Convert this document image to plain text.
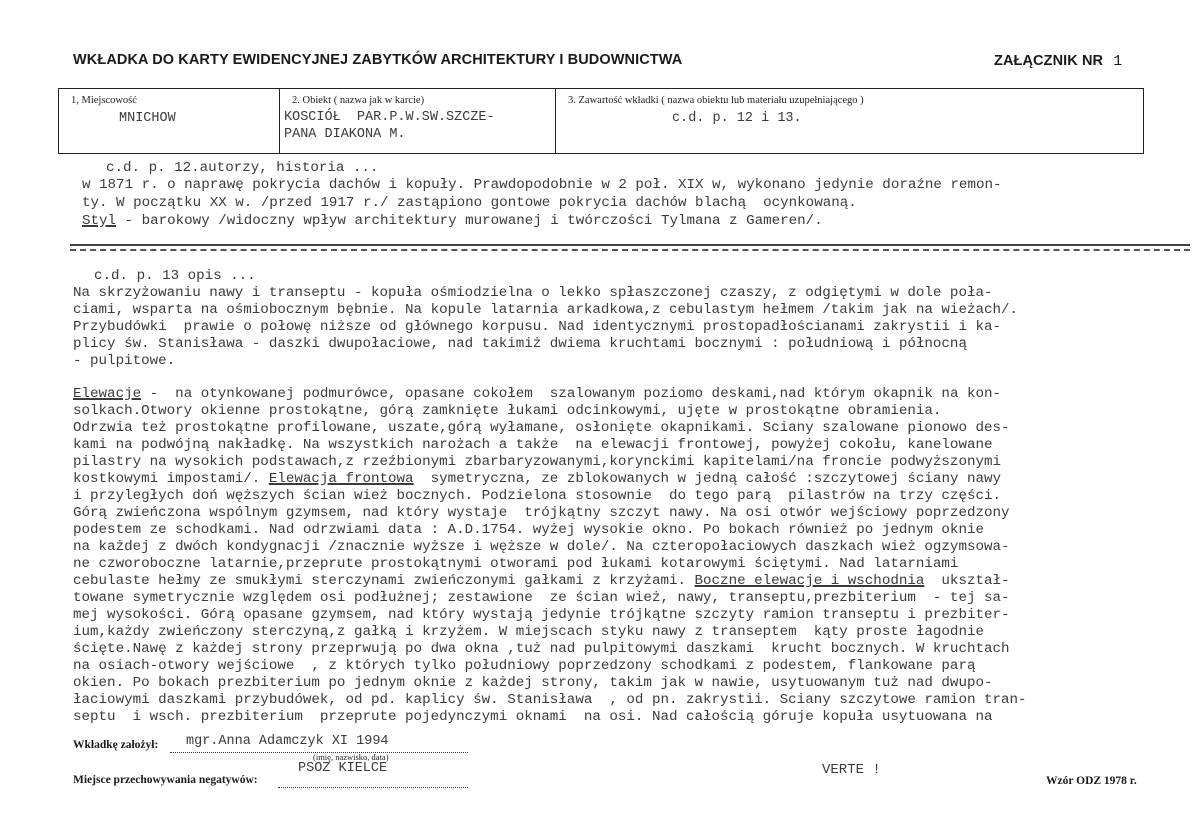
WKŁADKA DO KARTY EWIDENCYJNEJ ZABYTKÓW ARCHITEKTURY I BUDOWNICTWA	ZAŁĄCZNIK NR 1
1, Miejscowość
MNICHOW
2. Obiekt ( nazwa jak w karcie)
KOSCIÓŁ  PAR.P.W.SW.SZCZE-
PANA DIAKONA M.
3. Zawartość wkładki ( nazwa obiektu lub materiału uzupełniającego )
c.d. p. 12 i 13.
c.d. p. 12.autorzy, historia ...
w 1871 r. o naprawę pokrycia dachów i kopuły. Prawdopodobnie w 2 poł. XIX w, wykonano jedynie doraźne remon-
ty. W początku XX w. /przed 1917 r./ zastąpiono gontowe pokrycia dachów blachą  ocynkowaną.
Styl - barokowy /widoczny wpływ architektury murowanej i twórczości Tylmana z Gameren/.
c.d. p. 13 opis ...
Na skrzyżowaniu nawy i transeptu - kopuła ośmiodzielna o lekko spłaszczonej czaszy, z odgiętymi w dole poła-
ciami, wsparta na ośmiobocznym bębnie. Na kopule latarnia arkadkowa,z cebulastym hełmem /takim jak na wieżach/.
Przybudówki  prawie o połowę niższe od głównego korpusu. Nad identycznymi prostopadłościanami zakrystii i ka-
plicy św. Stanisława - daszki dwupołaciowe, nad takimiż dwiema kruchtami bocznymi : południową i północną
- pulpitowe.
Elewacje -  na otynkowanej podmurówce, opasane cokołem  szalowanym poziomo deskami,nad którym okapnik na kon-
solkach.Otwory okienne prostokątne, górą zamknięte łukami odcinkowymi, ujęte w prostokątne obramienia.
Odrzwia też prostokątne profilowane, uszate,górą wyłamane, osłonięte okapnikami. Sciany szalowane pionowo des-
kami na podwójną nakładkę. Na wszystkich narożach a także  na elewacji frontowej, powyżej cokołu, kanelowane
pilastry na wysokich podstawach,z rzeźbionymi zbarbaryzowanymi,korynckimi kapitelami/na froncie podwyższonymi
kostkowymi impostami/. Elewacja frontowa  symetryczna, ze zblokowanych w jedną całość :szczytowej ściany nawy
i przyległych doń węższych ścian wież bocznych. Podzielona stosownie  do tego parą  pilastrów na trzy części.
Górą zwieńczona wspólnym gzymsem, nad który wystaje  trójkątny szczyt nawy. Na osi otwór wejściowy poprzedzony
podestem ze schodkami. Nad odrzwiami data : A.D.1754. wyżej wysokie okno. Po bokach również po jednym oknie
na każdej z dwóch kondygnacji /znacznie wyższe i węższe w dole/. Na czteropołaciowych daszkach wież ogzymsowa-
ne czworoboczne latarnie,przeprute prostokątnymi otworami pod łukami kotarowymi ściętymi. Nad latarniami
cebulaste hełmy ze smukłymi sterczynami zwieńczonymi gałkami z krzyżami. Boczne elewacje i wschodnia  ukształ-
towane symetrycznie względem osi podłużnej; zestawione  ze ścian wież, nawy, transeptu,prezbiterium  - tej sa-
mej wysokości. Górą opasane gzymsem, nad który wystają jedynie trójkątne szczyty ramion transeptu i prezbiter-
ium,każdy zwieńczony sterczyną,z gałką i krzyżem. W miejscach styku nawy z transeptem  kąty proste łagodnie
ścięte.Nawę z każdej strony przeprwują po dwa okna ,tuż nad pulpitowymi daszkami  krucht bocznych. W kruchtach
na osiach-otwory wejściowe  , z których tylko południowy poprzedzony schodkami z podestem, flankowane parą
okien. Po bokach prezbiterium po jednym oknie z każdej strony, takim jak w nawie, usytuowanym tuż nad dwupo-
łaciowymi daszkami przybudówek, od pd. kaplicy św. Stanisława  , od pn. zakrystii. Sciany szczytowe ramion tran-
septu  i wsch. prezbiterium  przeprute pojedynczymi oknami  na osi. Nad całością góruje kopuła usytuowana na
Wkładkę założył: mgr.Anna Adamczyk XI 1994
(imię, nazwisko, data)
PSOZ KIELCE
Miejsce przechowywania negatywów:
VERTE !
Wzór ODZ 1978 r.
